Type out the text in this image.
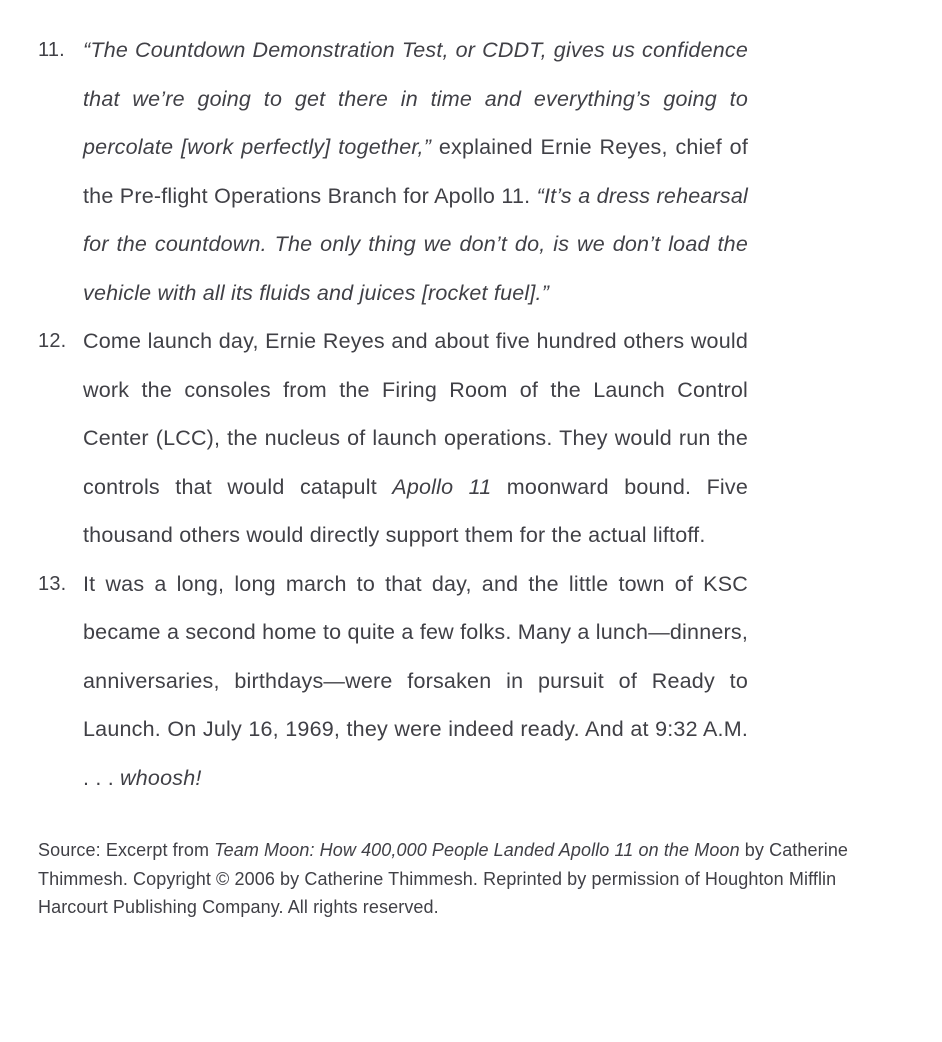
11. “The Countdown Demonstration Test, or CDDT, gives us confidence that we’re going to get there in time and everything’s going to percolate [work perfectly] together,” explained Ernie Reyes, chief of the Pre-flight Operations Branch for Apollo 11. “It’s a dress rehearsal for the countdown. The only thing we don’t do, is we don’t load the vehicle with all its fluids and juices [rocket fuel].”
12. Come launch day, Ernie Reyes and about five hundred others would work the consoles from the Firing Room of the Launch Control Center (LCC), the nucleus of launch operations. They would run the controls that would catapult Apollo 11 moonward bound. Five thousand others would directly support them for the actual liftoff.
13. It was a long, long march to that day, and the little town of KSC became a second home to quite a few folks. Many a lunch—dinners, anniversaries, birthdays—were forsaken in pursuit of Ready to Launch. On July 16, 1969, they were indeed ready. And at 9:32 A.M. . . . whoosh!
Source: Excerpt from Team Moon: How 400,000 People Landed Apollo 11 on the Moon by Catherine Thimmesh. Copyright © 2006 by Catherine Thimmesh. Reprinted by permission of Houghton Mifflin Harcourt Publishing Company. All rights reserved.
